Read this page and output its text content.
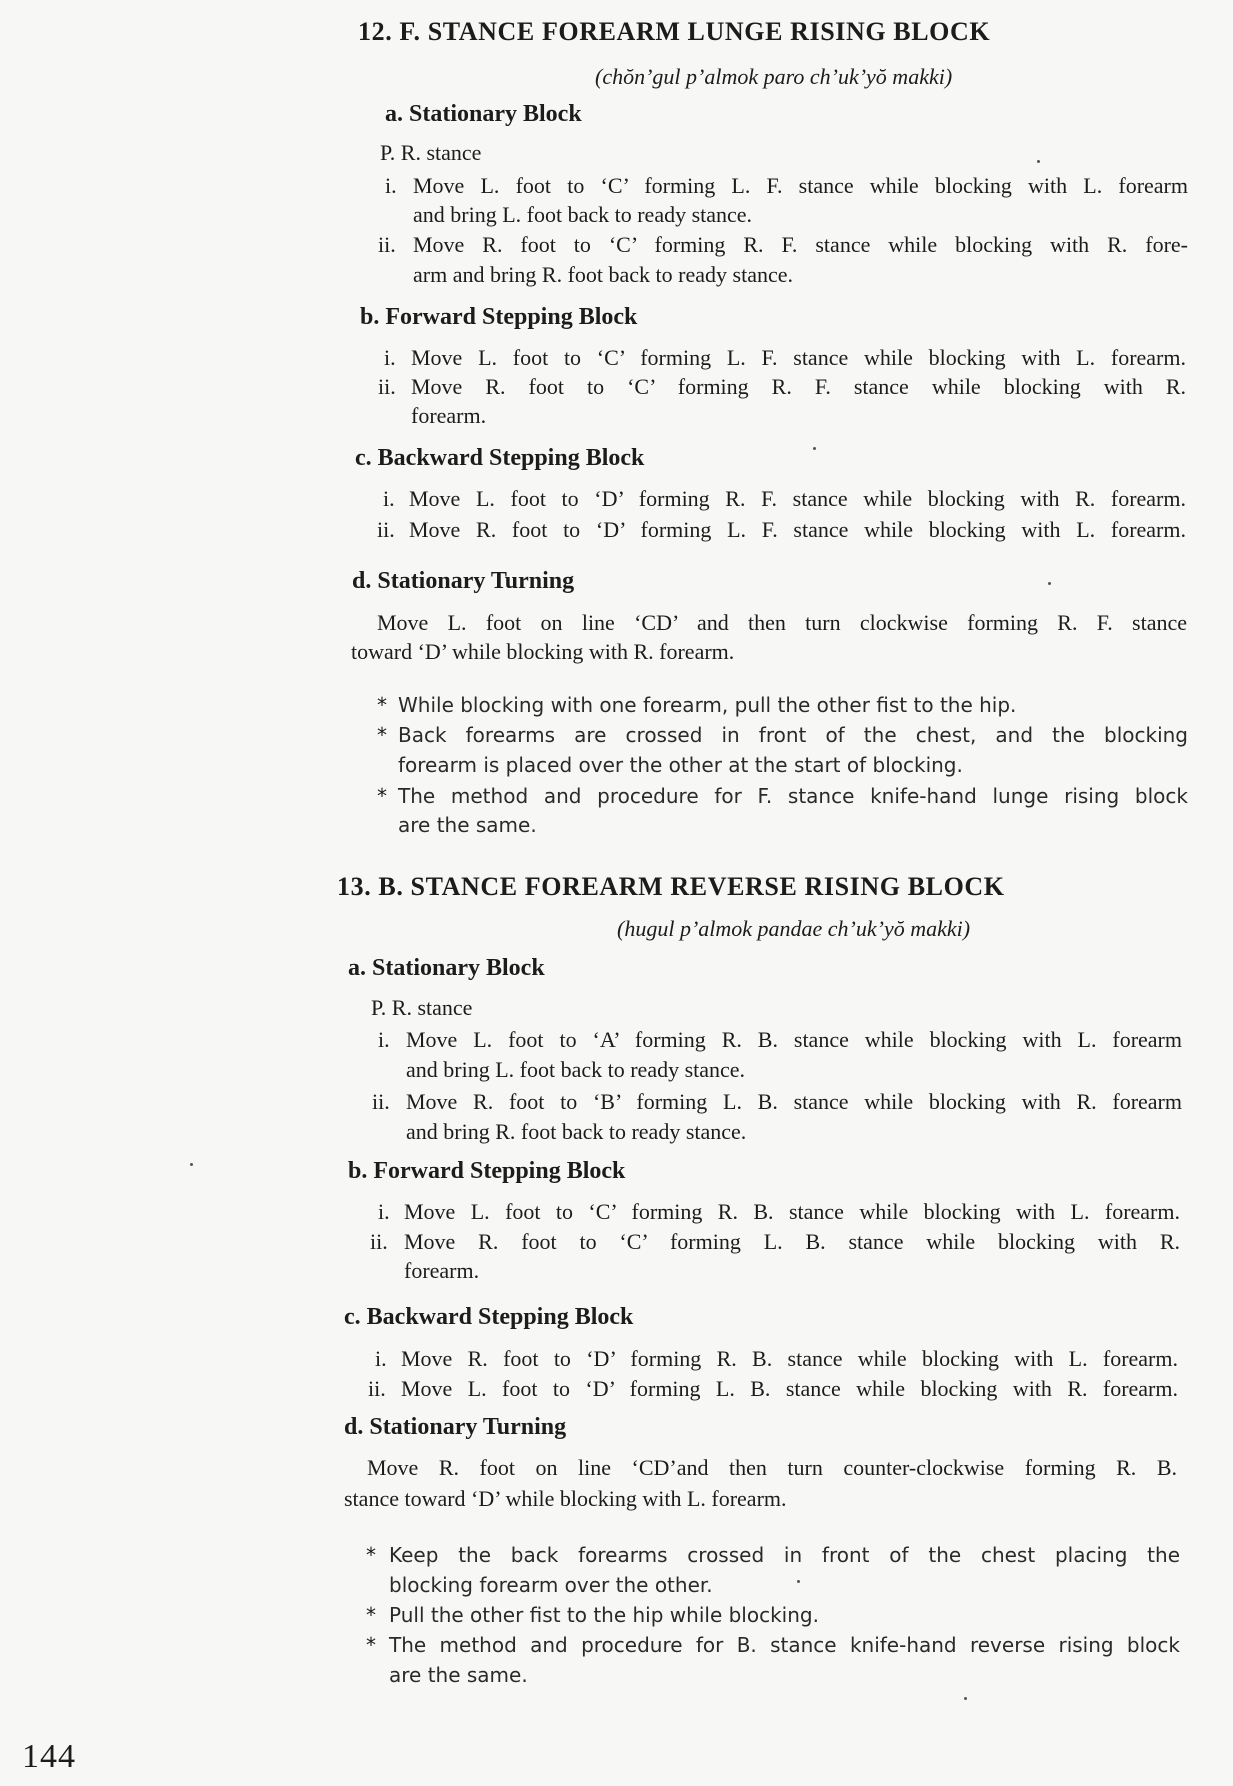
12. F. STANCE FOREARM LUNGE RISING BLOCK
(chŏn’gul p’almok paro ch’uk’yŏ makki)
a. Stationary Block
P. R. stance
i. Move L. foot to ‘C’ forming L. F. stance while blocking with L. forearm
and bring L. foot back to ready stance.
ii. Move R. foot to ‘C’ forming R. F. stance while blocking with R. fore-
arm and bring R. foot back to ready stance.
b. Forward Stepping Block
i. Move L. foot to ‘C’ forming L. F. stance while blocking with L. forearm.
ii. Move R. foot to ‘C’ forming R. F. stance while blocking with R.
forearm.
c. Backward Stepping Block
i. Move L. foot to ‘D’ forming R. F. stance while blocking with R. forearm.
ii. Move R. foot to ‘D’ forming L. F. stance while blocking with L. forearm.
d. Stationary Turning
Move L. foot on line ‘CD’ and then turn clockwise forming R. F. stance
toward ‘D’ while blocking with R. forearm.
* While blocking with one forearm, pull the other fist to the hip.
* Back forearms are crossed in front of the chest, and the blocking
forearm is placed over the other at the start of blocking.
* The method and procedure for F. stance knife-hand lunge rising block
are the same.
13. B. STANCE FOREARM REVERSE RISING BLOCK
(hugul p’almok pandae ch’uk’yŏ makki)
a. Stationary Block
P. R. stance
i. Move L. foot to ‘A’ forming R. B. stance while blocking with L. forearm
and bring L. foot back to ready stance.
ii. Move R. foot to ‘B’ forming L. B. stance while blocking with R. forearm
and bring R. foot back to ready stance.
b. Forward Stepping Block
i. Move L. foot to ‘C’ forming R. B. stance while blocking with L. forearm.
ii. Move R. foot to ‘C’ forming L. B. stance while blocking with R.
forearm.
c. Backward Stepping Block
i. Move R. foot to ‘D’ forming R. B. stance while blocking with L. forearm.
ii. Move L. foot to ‘D’ forming L. B. stance while blocking with R. forearm.
d. Stationary Turning
Move R. foot on line ‘CD’and then turn counter-clockwise forming R. B.
stance toward ‘D’ while blocking with L. forearm.
* Keep the back forearms crossed in front of the chest placing the
blocking forearm over the other.
* Pull the other fist to the hip while blocking.
* The method and procedure for B. stance knife-hand reverse rising block
are the same.
144
